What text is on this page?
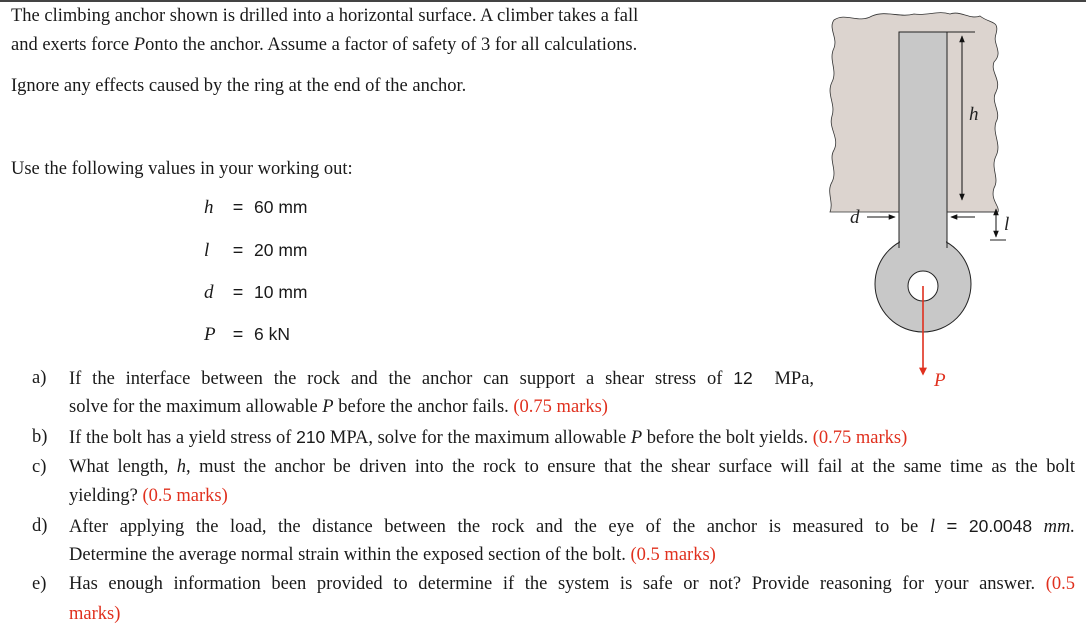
The climbing anchor shown is drilled into a horizontal surface. A climber takes a fall
and exerts force Ponto the anchor. Assume a factor of safety of 3 for all calculations.
Ignore any effects caused by the ring at the end of the anchor.
Use the following values in your working out:
h = 60 mm
l = 20 mm
d = 10 mm
P = 6 kN
a) If the interface between the rock and the anchor can support a shear stress of 12 MPa,
solve for the maximum allowable P before the anchor fails. (0.75 marks)
b) If the bolt has a yield stress of 210 MPA, solve for the maximum allowable P before the bolt yields. (0.75 marks)
c) What length, h, must the anchor be driven into the rock to ensure that the shear surface will fail at the same time as the bolt
yielding? (0.5 marks)
d) After applying the load, the distance between the rock and the eye of the anchor is measured to be l = 20.0048 mm.
Determine the average normal strain within the exposed section of the bolt. (0.5 marks)
e) Has enough information been provided to determine if the system is safe or not? Provide reasoning for your answer. (0.5
marks)
h
d	l
P
